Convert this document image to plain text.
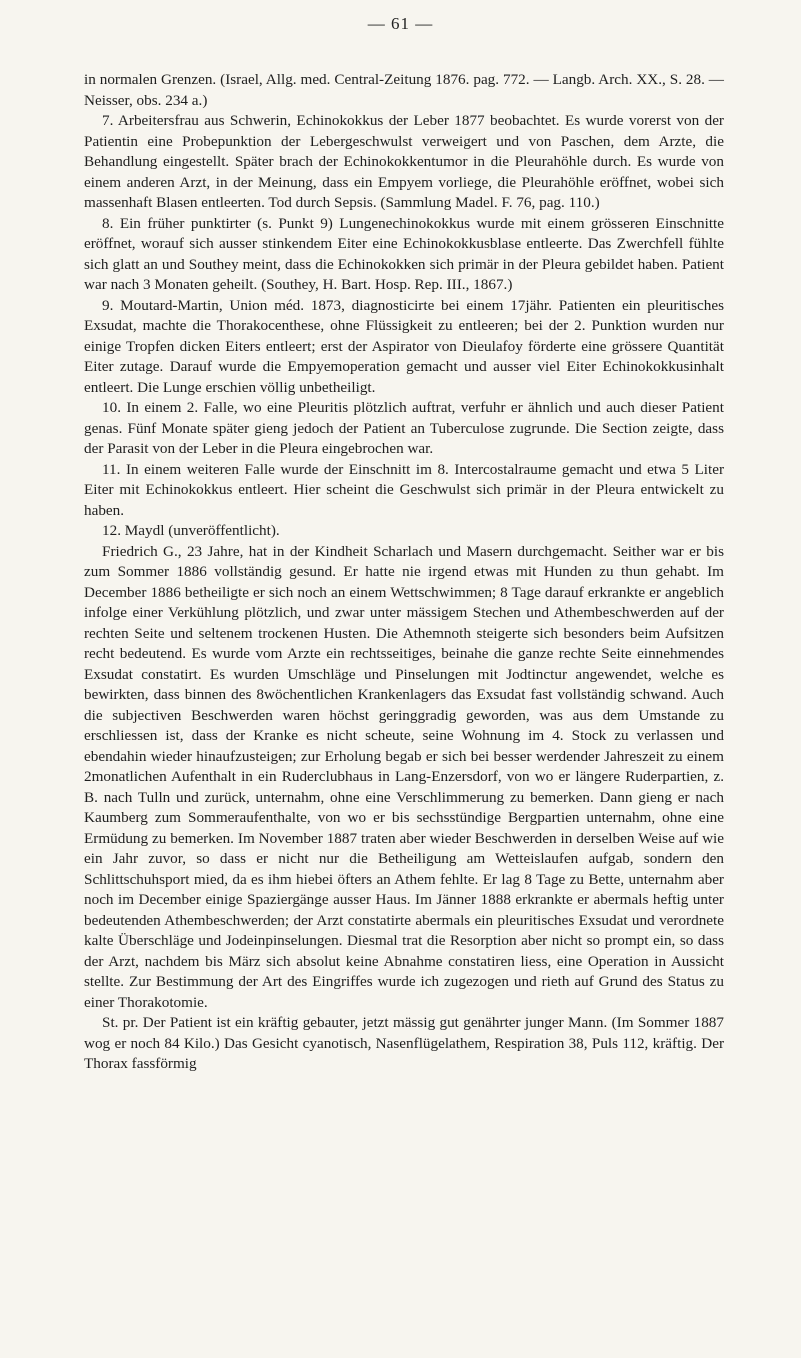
— 61 —

in normalen Grenzen. (Israel, Allg. med. Central-Zeitung 1876. pag. 772. — Langb. Arch. XX., S. 28. — Neisser, obs. 234 a.)

7. Arbeitersfrau aus Schwerin, Echinokokkus der Leber 1877 beobachtet. Es wurde vorerst von der Patientin eine Probepunktion der Lebergeschwulst verweigert und von Paschen, dem Arzte, die Behandlung eingestellt. Später brach der Echinokokkentumor in die Pleurahöhle durch. Es wurde von einem anderen Arzt, in der Meinung, dass ein Empyem vorliege, die Pleurahöhle eröffnet, wobei sich massenhaft Blasen entleerten. Tod durch Sepsis. (Sammlung Madel. F. 76, pag. 110.)

8. Ein früher punktirter (s. Punkt 9) Lungenechinokokkus wurde mit einem grösseren Einschnitte eröffnet, worauf sich ausser stinkendem Eiter eine Echinokokkusblase entleerte. Das Zwerchfell fühlte sich glatt an und Southey meint, dass die Echinokokken sich primär in der Pleura gebildet haben. Patient war nach 3 Monaten geheilt. (Southey, H. Bart. Hosp. Rep. III., 1867.)

9. Moutard-Martin, Union méd. 1873, diagnosticirte bei einem 17jähr. Patienten ein pleuritisches Exsudat, machte die Thorakocenthese, ohne Flüssigkeit zu entleeren; bei der 2. Punktion wurden nur einige Tropfen dicken Eiters entleert; erst der Aspirator von Dieulafoy förderte eine grössere Quantität Eiter zutage. Darauf wurde die Empyemoperation gemacht und ausser viel Eiter Echinokokkusinhalt entleert. Die Lunge erschien völlig unbetheiligt.

10. In einem 2. Falle, wo eine Pleuritis plötzlich auftrat, verfuhr er ähnlich und auch dieser Patient genas. Fünf Monate später gieng jedoch der Patient an Tuberculose zugrunde. Die Section zeigte, dass der Parasit von der Leber in die Pleura eingebrochen war.

11. In einem weiteren Falle wurde der Einschnitt im 8. Intercostalraume gemacht und etwa 5 Liter Eiter mit Echinokokkus entleert. Hier scheint die Geschwulst sich primär in der Pleura entwickelt zu haben.

12. Maydl (unveröffentlicht).

Friedrich G., 23 Jahre, hat in der Kindheit Scharlach und Masern durchgemacht. Seither war er bis zum Sommer 1886 vollständig gesund. Er hatte nie irgend etwas mit Hunden zu thun gehabt. Im December 1886 betheiligte er sich noch an einem Wettschwimmen; 8 Tage darauf erkrankte er angeblich infolge einer Verkühlung plötzlich, und zwar unter mässigem Stechen und Athembeschwerden auf der rechten Seite und seltenem trockenen Husten. Die Athemnoth steigerte sich besonders beim Aufsitzen recht bedeutend. Es wurde vom Arzte ein rechtsseitiges, beinahe die ganze rechte Seite einnehmendes Exsudat constatirt. Es wurden Umschläge und Pinselungen mit Jodtinctur angewendet, welche es bewirkten, dass binnen des 8wöchentlichen Krankenlagers das Exsudat fast vollständig schwand. Auch die subjectiven Beschwerden waren höchst geringgradig geworden, was aus dem Umstande zu erschliessen ist, dass der Kranke es nicht scheute, seine Wohnung im 4. Stock zu verlassen und ebendahin wieder hinaufzusteigen; zur Erholung begab er sich bei besser werdender Jahreszeit zu einem 2monatlichen Aufenthalt in ein Ruderclubhaus in Lang-Enzersdorf, von wo er längere Ruderpartien, z. B. nach Tulln und zurück, unternahm, ohne eine Verschlimmerung zu bemerken. Dann gieng er nach Kaumberg zum Sommeraufenthalte, von wo er bis sechsstündige Bergpartien unternahm, ohne eine Ermüdung zu bemerken. Im November 1887 traten aber wieder Beschwerden in derselben Weise auf wie ein Jahr zuvor, so dass er nicht nur die Betheiligung am Wetteislaufen aufgab, sondern den Schlittschuhsport mied, da es ihm hiebei öfters an Athem fehlte. Er lag 8 Tage zu Bette, unternahm aber noch im December einige Spaziergänge ausser Haus. Im Jänner 1888 erkrankte er abermals heftig unter bedeutenden Athembeschwerden; der Arzt constatirte abermals ein pleuritisches Exsudat und verordnete kalte Überschläge und Jodeinpinselungen. Diesmal trat die Resorption aber nicht so prompt ein, so dass der Arzt, nachdem bis März sich absolut keine Abnahme constatiren liess, eine Operation in Aussicht stellte. Zur Bestimmung der Art des Eingriffes wurde ich zugezogen und rieth auf Grund des Status zu einer Thorakotomie.

St. pr. Der Patient ist ein kräftig gebauter, jetzt mässig gut genährter junger Mann. (Im Sommer 1887 wog er noch 84 Kilo.) Das Gesicht cyanotisch, Nasenflügelathem, Respiration 38, Puls 112, kräftig. Der Thorax fassförmig
